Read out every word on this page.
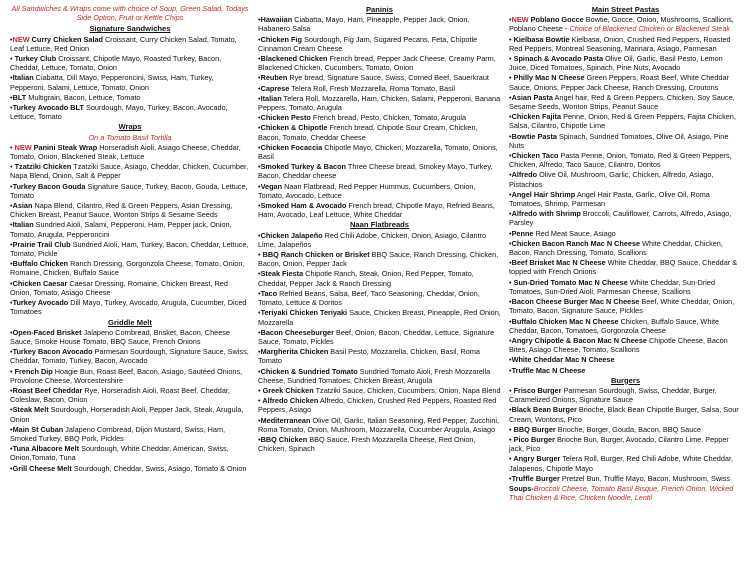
All Sandwiches & Wraps come with choice of Soup, Green Salad, Todays Side Option, Fruit or Kettle Chips
Signature Sandwiches
•NEW Curry Chicken Salad Croissant, Curry Chicken Salad, Tomato, Leaf Lettuce, Red Onion
• Turkey Club Croissant, Chipotle Mayo, Roasted Turkey, Bacon, Cheddar, Lettuce, Tomato, Onion
•Italian Ciabatta, Dill Mayo, Pepperoncini, Swiss, Ham, Turkey, Pepperoni, Salami, Lettuce, Tomato, Onion
•BLT Multigrain, Bacon, Lettuce, Tomato
•Turkey Avocado BLT Sourdough, Mayo, Turkey, Bacon, Avocado, Lettuce, Tomato
Wraps
On a Tomato Basil Tortilla
• NEW Panini Steak Wrap Horseradish Aioli, Asiago Cheese, Cheddar, Tomato, Onion, Blackened Steak, Lettuce
• Tzatziki Chicken Tzatziki Sauce, Asiago, Cheddar, Chicken, Cucumber, Napa Blend, Onion, Salt & Pepper
•Turkey Bacon Gouda Signature Sauce, Turkey, Bacon, Gouda, Lettuce, Tomato
•Asian Napa Blend, Cilantro, Red & Green Peppers, Asian Dressing, Chicken Breast, Peanut Sauce, Wonton Strips & Sesame Seeds
•Italian Sundried Aioli, Salami, Pepperoni, Ham, Pepper jack, Onion, Tomato, Arugula, Pepperoncini
•Prairie Trail Club Sundried Aioli, Ham, Turkey, Bacon, Cheddar, Lettuce, Tomato, Pickle
•Buffalo Chicken Ranch Dressing, Gorgonzola Cheese, Tomato, Onion, Romaine, Chicken, Buffalo Sauce
•Chicken Caesar Caesar Dressing, Romaine, Chicken Breast, Red Onion, Tomato, Asiago Cheese
•Turkey Avocado Dill Mayo, Turkey, Avocado, Arugula, Cucumber, Diced Tomatoes
Griddle Melt
•Open-Faced Brisket Jalapeno Cornbread, Brisket, Bacon, Cheese Sauce, Smoke House Tomato, BBQ Sauce, French Onions
•Turkey Bacon Avocado Parmesan Sourdough, Signature Sauce, Swiss, Cheddar, Tomato, Turkey, Bacon, Avocado
• French Dip Hoagie Bun, Roast Beef, Bacon, Asiago, Sautéed Onions, Provolone Cheese, Worcestershire
•Roast Beef Cheddar Rye, Horseradish Aioli, Roast Beef, Cheddar, Coleslaw, Bacon, Onion
•Steak Melt Sourdough, Horseradish Aioli, Pepper Jack, Steak, Arugula, Onion
•Main St Cuban Jalapeno Cornbread, Dijon Mustard, Swiss, Ham, Smoked Turkey, BBQ Pork, Pickles
•Tuna Albacore Melt Sourdough, White Cheddar, American, Swiss, Onion,Tomato, Tuna
•Grill Cheese Melt Sourdough, Cheddar, Swiss, Asiago, Tomato & Onion
Paninis
•Hawaiian Ciabatta, Mayo, Ham, Pineapple, Pepper Jack, Onion, Habanero Salsa
•Chicken Fig Sourdough, Fig Jam, Sugared Pecans, Feta, Chipotle Cinnamon Cream Cheese
•Blackened Chicken French bread, Pepper Jack Cheese, Creamy Parm, Blackened Chicken, Cucumbers, Tomato, Onion
•Reuben Rye bread, Signature Sauce, Swiss, Corned Beef, Sauerkraut
•Caprese Telera Roll, Fresh Mozzarella, Roma Tomato, Basil
•Italian Telera Roll, Mozzarella, Ham, Chicken, Salami, Pepperoni, Banana Peppers, Tomato, Arugula
•Chicken Pesto French bread, Pesto, Chicken, Tomato, Arugula
•Chicken & Chipotle French bread, Chipotle Sour Cream, Chicken, Bacon, Tomato, Cheddar Cheese
•Chicken Focaccia Chipotle Mayo, Chicken, Mozzarella, Tomato, Onions, Basil
•Smoked Turkey & Bacon Three Cheese bread, Smokey Mayo, Turkey, Bacon, Cheddar cheese
•Vegan Naan Flatbread, Red Pepper Hummus, Cucumbers, Onion, Tomato, Avocado, Lettuce
•Smoked Ham & Avocado French bread, Chipotle Mayo, Refried Beans, Ham, Avocado, Leaf Lettuce, White Cheddar
Naan Flatbreads
•Chicken Jalapeño Red Chili Adobe, Chicken, Onion, Asiago, Cilantro Lime, Jalapeños
• BBQ Ranch Chicken or Brisket BBQ Sauce, Ranch Dressing, Chicken, Bacon, Onion, Pepper Jack
•Steak Fiesta Chipotle Ranch, Steak, Onion, Red Pepper, Tomato, Cheddar, Pepper Jack & Ranch Dressing
•Taco Refried Beans, Salsa, Beef, Taco Seasoning, Cheddar, Onion, Tomato, Lettuce & Doritos
•Teriyaki Chicken Teriyaki Sauce, Chicken Breast, Pineapple, Red Onion, Mozzarella
•Bacon Cheeseburger Beef, Onion, Bacon, Cheddar, Lettuce, Signature Sauce, Tomato, Pickles
•Margherita Chicken Basil Pesto, Mozzarella, Chicken, Basil, Roma Tomato
•Chicken & Sundried Tomato Sundried Tomato Aioli, Fresh Mozzarella Cheese, Sundried Tomatoes, Chicken Breast, Arugula
• Greek Chicken Tzatziki Sauce, Chicken, Cucumbers, Onion, Napa Blend
• Alfredo Chicken Alfredo, Chicken, Crushed Red Peppers, Roasted Red Peppers, Asiago
•Mediterranean Olive Oil, Garlic, Italian Seasoning, Red Pepper, Zucchini, Roma Tomato, Onion, Mushroom, Mozzarella, Cucumber Arugula, Asiago
•BBQ Chicken BBQ Sauce, Fresh Mozzarella Cheese, Red Onion, Chicken, Spinach
Main Street Pastas
•NEW Poblano Gocce Bowtie, Gocce, Onion, Mushrooms, Scallions, Poblano Cheese - Choice of Blackened Chicken or Blackened Steak
• Kielbasa Bowtie Kielbasa, Onion, Crushed Red Peppers, Roasted Red Peppers, Montreal Seasoning, Marinara, Asiago, Parmesan
• Spinach & Avocado Pasta Olive Oil, Garlic, Basil Pesto, Lemon Juice, Diced Tomatoes, Spinach, Pine Nuts, Avocado
• Philly Mac N Cheese Green Peppers, Roast Beef, White Cheddar Sauce, Onions, Pepper Jack Cheese, Ranch Dressing, Croutons
•Asian Pasta Angel hair, Red & Green Peppers, Chicken, Soy Sauce, Sesame Seeds, Wonton Strips, Peanut Sauce
•Chicken Fajita Penne, Onion, Red & Green Peppers, Fajita Chicken, Salsa, Cilantro, Chipotle Lime
•Bowtie Pasta Spinach, Sundried Tomatoes, Olive Oil, Asiago, Pine Nuts
•Chicken Taco Pasta Penne, Onion, Tomato, Red & Green Peppers, Chicken, Alfredo, Taco Sauce, Cilantro, Doritos
•Alfredo Olive Oil, Mushroom, Garlic, Chicken, Alfredo, Asiago, Pistachios
•Angel Hair Shrimp Angel Hair Pasta, Garlic, Olive Oil, Roma Tomatoes, Shrimp, Parmesan
•Alfredo with Shrimp Broccoli, Cauliflower, Carrots, Alfredo, Asiago, Parsley
•Penne Red Meat Sauce, Asiago
•Chicken Bacon Ranch Mac N Cheese White Cheddar, Chicken, Bacon, Ranch Dressing, Tomato, Scallions
•Beef Brisket Mac N Cheese White Cheddar, BBQ Sauce, Cheddar & topped with French Onions
• Sun-Dried Tomato Mac N Cheese White Cheddar, Sun-Dried Tomatoes, Sun-Dried Aioli, Parmesan Cheese, Scallions
•Bacon Cheese Burger Mac N Cheese Beef, White Cheddar, Onion, Tomato, Bacon, Signature Sauce, Pickles
•Buffalo Chicken Mac N Cheese Chicken, Buffalo Sauce, White Cheddar, Bacon, Tomatoes, Gorgonzola Cheese
•Angry Chipotle & Bacon Mac N Cheese Chipotle Cheese, Bacon Bites, Asiago Cheese, Tomato, Scallions
•White Cheddar Mac N Cheese
•Truffle Mac N Cheese
Burgers
• Frisco Burger Parmesan Sourdough, Swiss, Cheddar, Burger, Caramelized Onions, Signature Sauce
•Black Bean Burger Brioche, Black Bean Chipotle Burger, Salsa, Sour Cream, Wontons, Pico
• BBQ Burger Brioche, Burger, Gouda, Bacon, BBQ Sauce
• Pico Burger Brioche Bun, Burger, Avocado, Cilantro Lime, Pepper jack, Pico
• Angry Burger Telera Roll, Burger, Red Chili Adobe, White Cheddar, Jalapenos, Chipotle Mayo
•Truffle Burger Pretzel Bun, Truffle Mayo, Bacon, Mushroom, Swiss
Soups-Broccoli Cheese, Tomato Basil Bisque, French Onion, Wicked Thai Chicken & Rice, Chicken Noodle, Lentil
